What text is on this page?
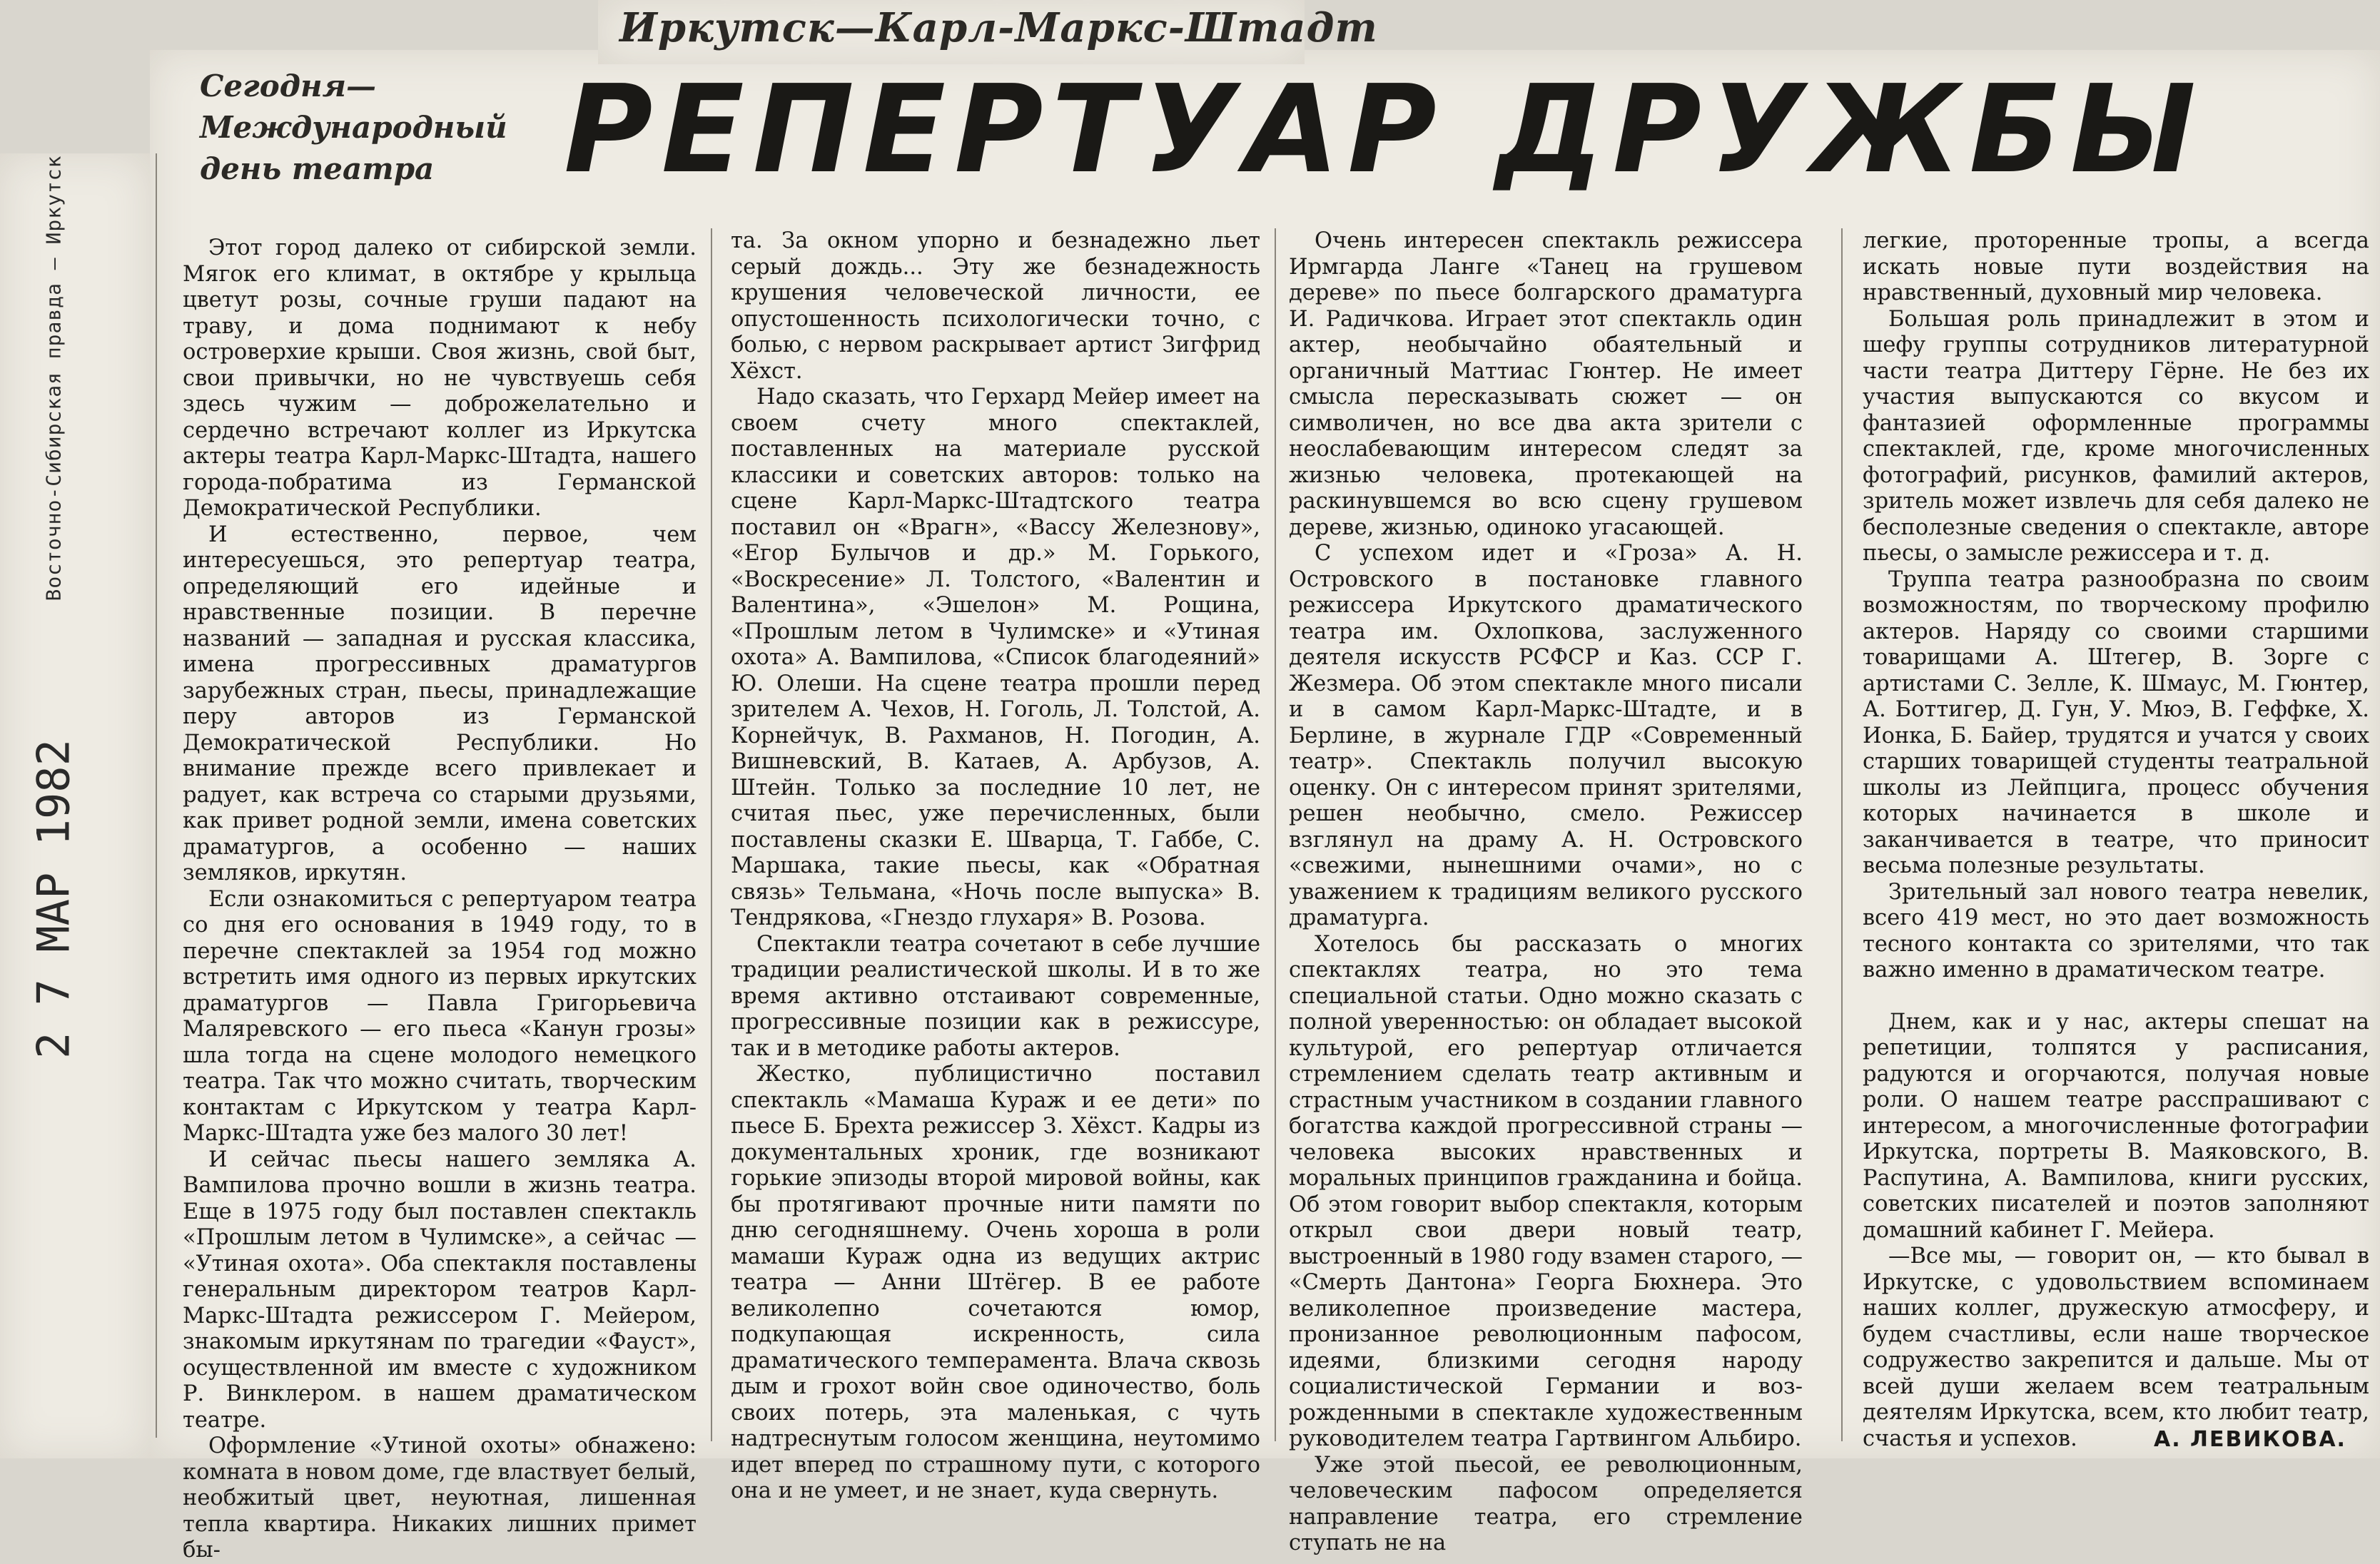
Восточно-Сибирская правда — Иркутск
2 7 МАР 1982
Иркутск—Карл-Маркс-Штадт
Сегодня—
Международный
день театра	РЕПЕРТУАР ДРУЖБЫ

Этот город далеко от сибирской земли. Мягок его климат, в октябре у крыльца цветут розы, сочные груши падают на траву, и дома поднимают к небу островерхие крыши. Своя жизнь, свой быт, свои привычки, но не чувствуешь себя здесь чужим — доброжелательно и сердечно встречают коллег из Иркутска актеры театра Карл-Маркс-Штадта, нашего города-побратима из Германской Демократической Республики.

И естественно, первое, чем интересуешься, это репертуар театра, определяющий его идейные и нравственные позиции. В перечне названий — западная и русская классика, имена прогрессивных драматургов зарубежных стран, пьесы, принадлежащие перу авторов из Германской Демократической Республики. Но внимание прежде всего привлекает и радует, как встреча со старыми друзьями, как привет родной земли, имена советских драматургов, а особенно — наших земляков, иркутян.

Если ознакомиться с репертуаром театра со дня его основания в 1949 году, то в перечне спектаклей за 1954 год можно встретить имя одного из первых иркутских драматургов — Павла Григорьевича Маляревского — его пьеса «Канун грозы» шла тогда на сцене молодого немецкого театра. Так что можно считать, творческим контактам с Иркутском у театра Карл-Маркс-Штадта уже без малого 30 лет!

И сейчас пьесы нашего земляка А. Вампилова прочно вошли в жизнь театра. Еще в 1975 году был поставлен спектакль «Прошлым летом в Чулимске», а сейчас — «Утиная охота». Оба спектакля поставлены генеральным директором театров Карл-Маркс-Штадта режиссером Г. Мейером, знакомым иркутянам по трагедии «Фауст», осуществленной им вместе с художником Р. Винклером. в нашем драматическом театре.

Оформление «Утиной охоты» обнажено: комната в новом доме, где властвует белый, необжитый цвет, неуютная, лишенная тепла квартира. Никаких лишних примет бы-

та. За окном упорно и безнадежно льет серый дождь... Эту же безнадежность крушения человеческой личности, ее опустошенность психологически точно, с болью, с нервом раскрывает артист Зигфрид Хёхст.

Надо сказать, что Герхард Мейер имеет на своем счету много спектаклей, поставленных на материале русской классики и советских авторов: только на сцене Карл-Маркс-Штадтского театра поставил он «Врагн», «Вассу Железнову», «Егор Булычов и др.» М. Горького, «Воскресение» Л. Толстого, «Валентин и Валентина», «Эшелон» М. Рощина, «Прошлым летом в Чулимске» и «Утиная охота» А. Вампилова, «Список благодеяний» Ю. Олеши. На сцене театра прошли перед зрителем А. Чехов, Н. Гоголь, Л. Толстой, А. Корнейчук, В. Рахманов, Н. Погодин, А. Вишневский, В. Катаев, А. Арбузов, А. Штейн. Только за последние 10 лет, не считая пьес, уже перечисленных, были поставлены сказки Е. Шварца, Т. Габбе, С. Маршака, такие пьесы, как «Обратная связь» Тельмана, «Ночь после выпуска» В. Тендрякова, «Гнездо глухаря» В. Розова.

Спектакли театра сочетают в себе лучшие традиции реалистической школы. И в то же время активно отстаивают современные, прогрессивные позиции как в режиссуре, так и в методике работы актеров.

Жестко, публицистично поставил спектакль «Мамаша Кураж и ее дети» по пьесе Б. Брехта режиссер З. Хёхст. Кадры из документальных хроник, где возникают горькие эпизоды второй мировой войны, как бы протягивают прочные нити памяти по дню сегодняшнему. Очень хороша в роли мамаши Кураж одна из ведущих актрис театра — Анни Штёгер. В ее работе великолепно сочетаются юмор, подкупающая искренность, сила драматического темперамента. Влача сквозь дым и грохот войн свое одиночество, боль своих потерь, эта маленькая, с чуть надтреснутым голосом женщина, неутомимо идет вперед по страшному пути, с которого она и не умеет, и не знает, куда свернуть.

Очень интересен спектакль режиссера Ирмгарда Ланге «Танец на грушевом дереве» по пьесе болгарского драматурга И. Радичкова. Играет этот спектакль один актер, необычайно обаятельный и органичный Маттиас Гюнтер. Не имеет смысла пересказывать сюжет — он символичен, но все два акта зрители с неослабевающим интересом следят за жизнью человека, протекающей на раскинувшемся во всю сцену грушевом дереве, жизнью, одинокo угасающей.

С успехом идет и «Гроза» А. Н. Островского в постановке главного режиссера Иркутского драматического театра им. Охлопкова, заслуженного деятеля искусств РСФСР и Каз. ССР Г. Жезмера. Об этом спектакле много писали и в самом Карл-Маркс-Штадте, и в Берлине, в журнале ГДР «Современный театр». Спектакль получил высокую оценку. Он с интересом принят зрителями, решен необычно, смело. Режиссер взглянул на драму А. Н. Островского «свежими, нынешними очами», но с уважением к традициям великого русского драматурга.

Хотелось бы рассказать о многих спектаклях театра, но это тема специальной статьи. Одно можно сказать с полной уверенностью: он обладает высокой культурой, его репертуар отличается стремлением сделать театр активным и страстным участником в создании главного богатства каждой прогрессивной страны — человека высоких нравственных и моральных принципов гражданина и бойца. Об этом говорит выбор спектакля, которым открыл свои двери новый театр, выстроенный в 1980 году взамен старого, — «Смерть Дантона» Георга Бюхнера. Это великолепное произведение мастера, пронизанное революционным пафосом, идеями, близкими сегодня народу социалистической Германии и воз-рожденными в спектакле художественным руководителем театра Гартвингом Альбиро.

Уже этой пьесой, ее революционным, человеческим пафосом определяется направление театра, его стремление ступать не на

легкие, проторенные тропы, а всегда искать новые пути воздействия на нравственный, духовный мир человека.

Большая роль принадлежит в этом и шефу группы сотрудников литературной части театра Диттеру Гёрне. Не без их участия выпускаются со вкусом и фантазией оформленные программы спектаклей, где, кроме многочисленных фотографий, рисунков, фамилий актеров, зритель может извлечь для себя далеко не бесполезные сведения о спектакле, авторе пьесы, о замысле режиссера и т. д.

Труппа театра разнообразна по своим возможностям, по творческому профилю актеров. Наряду со своими старшими товарищами А. Штегер, В. Зорге с артистами С. Зелле, К. Шмаус, М. Гюнтер, А. Боттигер, Д. Гун, У. Мюэ, В. Геффке, Х. Ионка, Б. Байер, трудятся и учатся у своих старших товарищей студенты театральной школы из Лейпцига, процесс обучения которых начинается в школе и заканчивается в театре, что приносит весьма полезные результаты.

Зрительный зал нового театра невелик, всего 419 мест, но это дает возможность тесного контакта со зрителями, что так важно именно в драматическом театре.

Днем, как и у нас, актеры спешат на репетиции, толпятся у расписания, радуются и огорчаются, получая новые роли. О нашем театре расспрашивают с интересом, а многочисленные фотографии Иркутска, портреты В. Маяковского, В. Распутина, А. Вампилова, книги русских, советских писателей и поэтов заполняют домашний кабинет Г. Мейера.

—Все мы, — говорит он, — кто бывал в Иркутске, с удовольствием вспоминаем наших коллег, дружескую атмосферу, и будем счастливы, если наше творческое содружество закрепится и дальше. Мы от всей души желаем всем театральным деятелям Иркутска, всем, кто любит театр, счастья и успехов.	А. ЛЕВИКОВА.
